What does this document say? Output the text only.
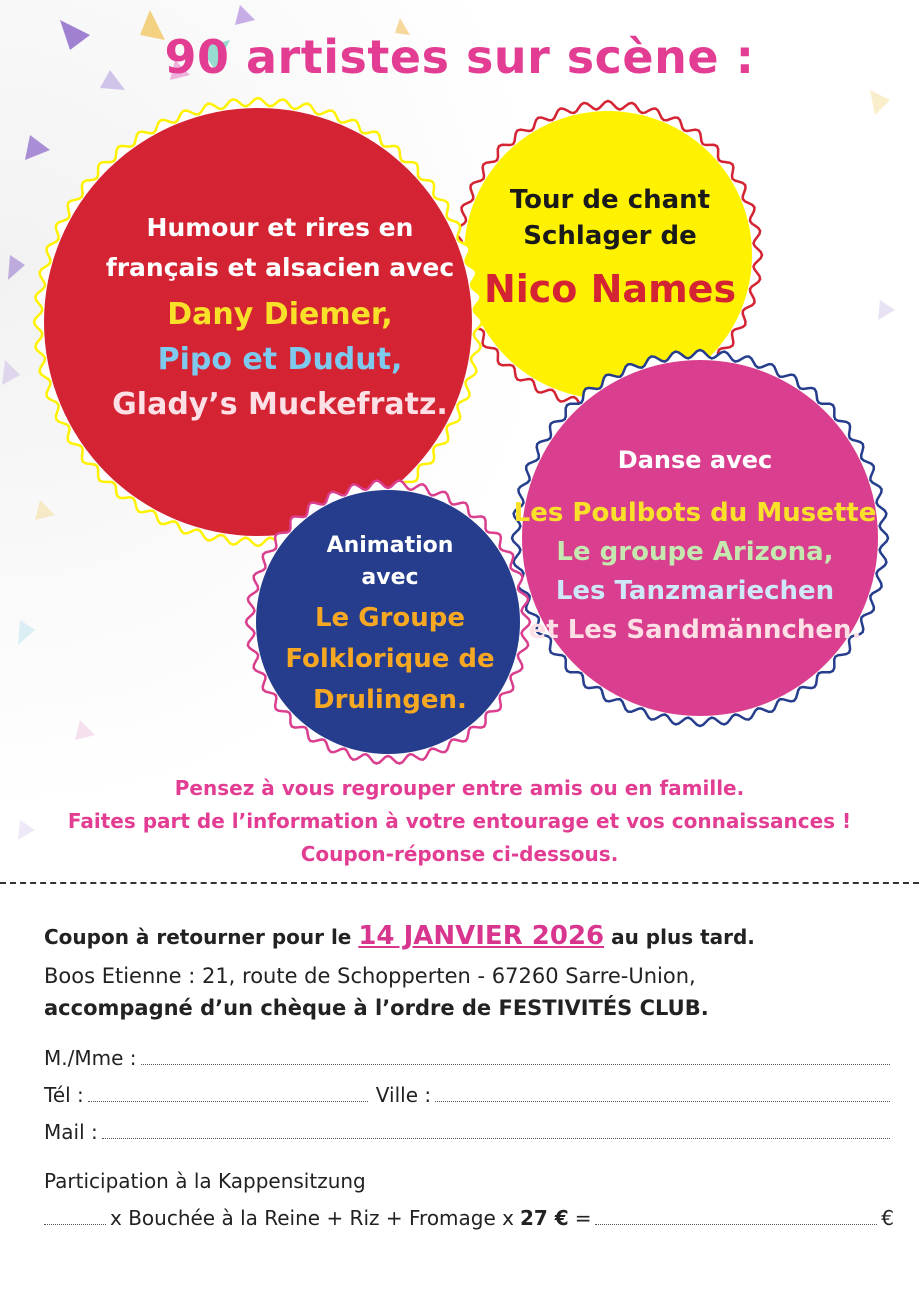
90 artistes sur scène :
Humour et rires en
français et alsacien avec
Dany Diemer,
Pipo et Dudut,
Glady’s Muckefratz.
Tour de chant
Schlager de
Nico Names
Danse avec
Les Poulbots du Musette
Le groupe Arizona,
Les Tanzmariechen
et Les Sandmännchen.
Animation
avec
Le Groupe
Folklorique de
Drulingen.
Pensez à vous regrouper entre amis ou en famille.
Faites part de l’information à votre entourage et vos connaissances !
Coupon-réponse ci-dessous.
Coupon à retourner pour le 14 JANVIER 2026 au plus tard.
Boos Etienne : 21, route de Schopperten - 67260 Sarre-Union,
accompagné d’un chèque à l’ordre de FESTIVITÉS CLUB.
M./Mme :
Tél :	Ville :
Mail :
Participation à la Kappensitzung
x Bouchée à la Reine + Riz + Fromage x 27 € =	€
